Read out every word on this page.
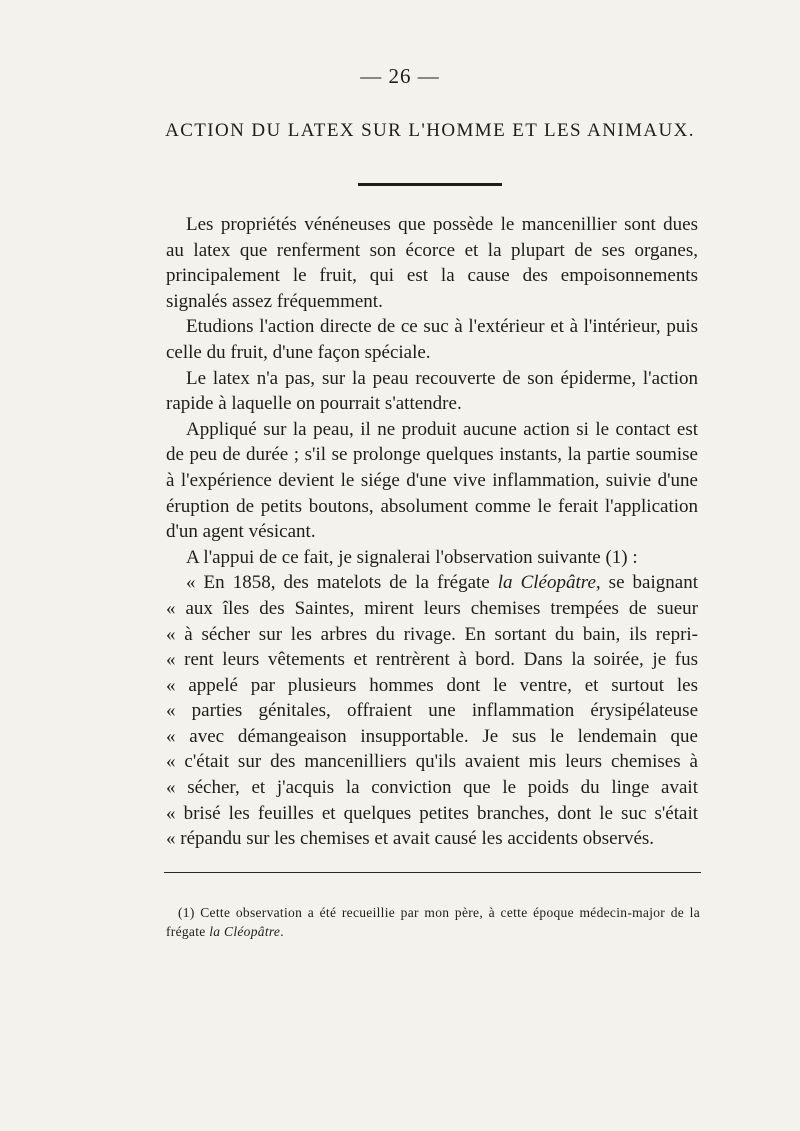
— 26 —
ACTION DU LATEX SUR L'HOMME ET LES ANIMAUX.

Les propriétés vénéneuses que possède le mancenillier sont dues au latex que renferment son écorce et la plupart de ses organes, principalement le fruit, qui est la cause des empoisonnements signalés assez fréquemment.

Etudions l'action directe de ce suc à l'extérieur et à l'intérieur, puis celle du fruit, d'une façon spéciale.

Le latex n'a pas, sur la peau recouverte de son épiderme, l'action rapide à laquelle on pourrait s'attendre.

Appliqué sur la peau, il ne produit aucune action si le contact est de peu de durée ; s'il se prolonge quelques instants, la partie soumise à l'expérience devient le siége d'une vive inflammation, suivie d'une éruption de petits boutons, absolument comme le ferait l'application d'un agent vésicant.

A l'appui de ce fait, je signalerai l'observation suivante (1) :

« En 1858, des matelots de la frégate la Cléopâtre, se baignant
« aux îles des Saintes, mirent leurs chemises trempées de sueur
« à sécher sur les arbres du rivage. En sortant du bain, ils repri-
« rent leurs vêtements et rentrèrent à bord. Dans la soirée, je fus
« appelé par plusieurs hommes dont le ventre, et surtout les
« parties génitales, offraient une inflammation érysipélateuse
« avec démangeaison insupportable. Je sus le lendemain que
« c'était sur des mancenilliers qu'ils avaient mis leurs chemises à
« sécher, et j'acquis la conviction que le poids du linge avait
« brisé les feuilles et quelques petites branches, dont le suc s'était
« répandu sur les chemises et avait causé les accidents observés.

(1) Cette observation a été recueillie par mon père, à cette époque médecin-major de la frégate la Cléopâtre.
